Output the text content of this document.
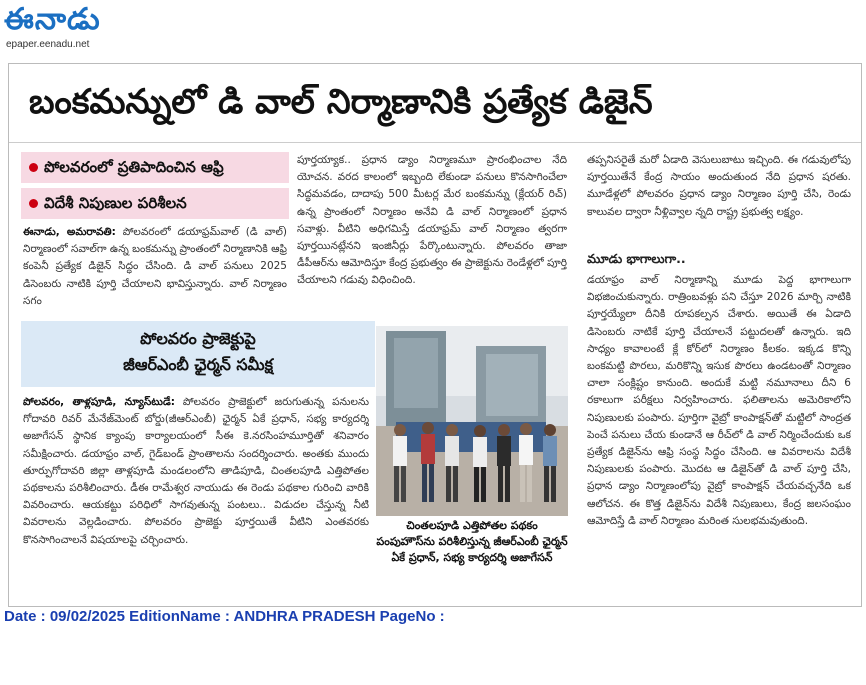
ఈనాడు
epaper.eenadu.net
బంకమన్నులో డి వాల్ నిర్మాణానికి ప్రత్యేక డిజైన్
పోలవరంలో ప్రతిపాదించిన ఆఫ్రి
విదేశీ నిపుణుల పరిశీలన

ఈనాడు, అమరావతి: పోలవరంలో డయాఫ్రమ్‌వాల్ (డి వాల్) నిర్మాణంలో సవాల్‌గా ఉన్న బంకమన్ను ప్రాంతంలో నిర్మాణానికి ఆఫ్రి కంపెనీ ప్రత్యేక డిజైన్ సిద్ధం చేసింది. డి వాల్ పనులు 2025 డిసెంబరు నాటికి పూర్తి చేయాలని భావిస్తున్నారు. వాల్ నిర్మాణం సగం

పూర్తయ్యాక.. ప్రధాన డ్యాం నిర్మాణమూ ప్రారంభించాల నేది యోచన. వరద కాలంలో ఇబ్బంది లేకుండా పనులు కొనసాగించేలా సిద్ధమవడం, దాదాపు 500 మీటర్ల మేర బంకమన్ను (క్లేయర్ రిచ్) ఉన్న ప్రాంతంలో నిర్మాణం అనేవి డి వాల్ నిర్మాణంలో ప్రధాన సవాళ్లు. వీటిని అధిగమిస్తే డయాఫ్రమ్ వాల్ నిర్మాణం త్వరగా పూర్తయినట్లేనని ఇంజినీర్లు పేర్కొంటున్నారు. పోలవరం తాజా డీపీఆర్‌ను ఆమోదిస్తూ కేంద్ర ప్రభుత్వం ఈ ప్రాజెక్టును రెండేళ్లలో పూర్తి చేయాలని గడువు విధించింది.

తప్పనిసరైతే మరో ఏడాది వెసులుబాటు ఇచ్చింది. ఈ గడువులోపు పూర్తయితేనే కేంద్ర సాయం అందుతుంద నేది ప్రధాన షరతు. మూడేళ్లలో పోలవరం ప్రధాన డ్యాం నిర్మాణం పూర్తి చేసి, రెండు కాలువల ద్వారా నీళ్లివ్వాల న్నది రాష్ట్ర ప్రభుత్వ లక్ష్యం.

మూడు భాగాలుగా..

డయాఫ్రం వాల్ నిర్మాణాన్ని మూడు పెద్ద భాగాలుగా విభజించుకున్నారు. రాత్రింబవళ్లు పని చేస్తూ 2026 మార్చి నాటికి పూర్తయ్యేలా దీనికి రూపకల్పన చేశారు. అయితే ఈ ఏడాది డిసెంబరు నాటికే పూర్తి చేయాలనే పట్టుదలతో ఉన్నారు. ఇది సాధ్యం కావాలంటే క్లే కోర్‌లో నిర్మాణం కీలకం. ఇక్కడ కొన్ని బంకమట్టి పొరలు, మరికొన్ని ఇసుక పొరలు ఉండటంతో నిర్మాణం చాలా సంక్లిష్టం కానుంది. అందుకే మట్టి నమూనాలు దీని 6 రకాలుగా పరీక్షలు నిర్వహించారు. ఫలితాలను అమెరికాలోని నిపుణులకు పంపారు. పూర్తిగా వైబ్రో కాంపాక్షన్‌తో మట్టిలో సాంద్రత పెంచే పనులు చేయ కుండానే ఆ రీచ్‌లో డి వాల్ నిర్మించేందుకు ఒక ప్రత్యేక డిజైన్‌ను ఆఫ్రి సంస్థ సిద్ధం చేసింది. ఆ వివరాలను విదేశీ నిపుణులకు పంపారు. మొదట ఆ డిజైన్‌తో డి వాల్ పూర్తి చేసి, ప్రధాన డ్యాం నిర్మాణంలోపు వైబ్రో కాంపాక్షన్ చేయవచ్చనేది ఒక ఆలోచన. ఈ కొత్త డిజైన్‌ను విదేశీ నిపుణులు, కేంద్ర జలసంఘం ఆమోదిస్తే డి వాల్ నిర్మాణం మరింత సులభమవుతుంది.

పోలవరం ప్రాజెక్టుపై
జీఆర్‌ఎంబీ ఛైర్మన్ సమీక్ష

పోలవరం, తాళ్లపూడి, న్యూస్‌టుడే: పోలవరం ప్రాజెక్టులో జరుగుతున్న పనులను గోదావరి రివర్ మేనేజ్‌మెంట్ బోర్డు(జీఆర్‌ఎంబీ) ఛైర్మన్ ఏకే ప్రధాన్, సభ్య కార్యదర్శి అజాగేసన్ స్థానిక క్యాంపు కార్యాలయంలో సీఈ కె.నరసింహమూర్తితో శనివారం సమీక్షించారు. డయాఫ్రం వాల్, గైడ్‌బండ్ ప్రాంతాలను సందర్శించారు. అంతకు ముందు తూర్పుగోదావరి జిల్లా తాళ్లపూడి మండలంలోని తాడిపూడి, చింతలపూడి ఎత్తిపోతల పథకాలను పరిశీలించారు. డీఈ రామేశ్వర నాయుడు ఈ రెండు పథకాల గురించి వారికి వివరించారు. ఆయకట్టు పరిధిలో సాగవుతున్న పంటలు.. విడుదల చేస్తున్న నీటి వివరాలను వెల్లడించారు. పోలవరం ప్రాజెక్టు పూర్తయితే వీటిని ఎంతవరకు కొనసాగించాలనే విషయాలపై చర్చించారు.

చింతలపూడి ఎత్తిపోతల పథకం పంపుహౌస్‌ను పరిశీలిస్తున్న జీఆర్‌ఎంబీ ఛైర్మన్ ఏకే ప్రధాన్, సభ్య కార్యదర్శి అజాగేసన్
Date : 09/02/2025 EditionName : ANDHRA PRADESH PageNo :
